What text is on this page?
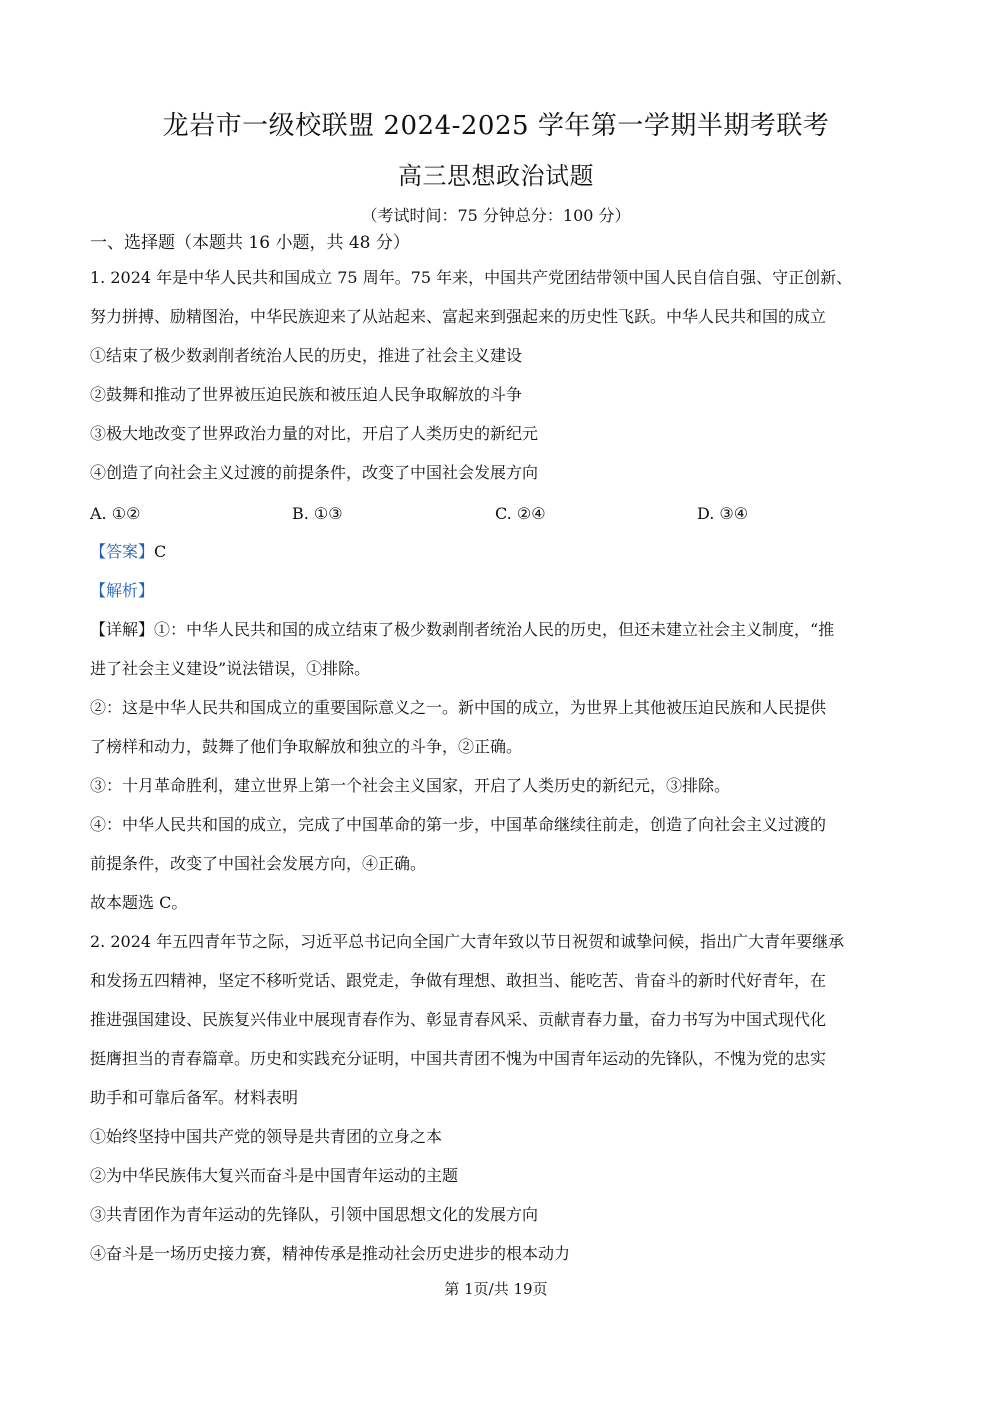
龙岩市一级校联盟 2024-2025 学年第一学期半期考联考
高三思想政治试题
（考试时间：75 分钟总分：100 分）
一、选择题（本题共 16 小题，共 48 分）
1. 2024 年是中华人民共和国成立 75 周年。75 年来，中国共产党团结带领中国人民自信自强、守正创新、
努力拼搏、励精图治，中华民族迎来了从站起来、富起来到强起来的历史性飞跃。中华人民共和国的成立
①结束了极少数剥削者统治人民的历史，推进了社会主义建设
②鼓舞和推动了世界被压迫民族和被压迫人民争取解放的斗争
③极大地改变了世界政治力量的对比，开启了人类历史的新纪元
④创造了向社会主义过渡的前提条件，改变了中国社会发展方向
A. ①②	B. ①③	C. ②④	D. ③④
【答案】C
【解析】
【详解】①：中华人民共和国的成立结束了极少数剥削者统治人民的历史，但还未建立社会主义制度，“推
进了社会主义建设”说法错误，①排除。
②：这是中华人民共和国成立的重要国际意义之一。新中国的成立，为世界上其他被压迫民族和人民提供
了榜样和动力，鼓舞了他们争取解放和独立的斗争，②正确。
③：十月革命胜利，建立世界上第一个社会主义国家，开启了人类历史的新纪元，③排除。
④：中华人民共和国的成立，完成了中国革命的第一步，中国革命继续往前走，创造了向社会主义过渡的
前提条件，改变了中国社会发展方向，④正确。
故本题选 C。
2. 2024 年五四青年节之际，习近平总书记向全国广大青年致以节日祝贺和诚挚问候，指出广大青年要继承
和发扬五四精神，坚定不移听党话、跟党走，争做有理想、敢担当、能吃苦、肯奋斗的新时代好青年，在
推进强国建设、民族复兴伟业中展现青春作为、彰显青春风采、贡献青春力量，奋力书写为中国式现代化
挺膺担当的青春篇章。历史和实践充分证明，中国共青团不愧为中国青年运动的先锋队，不愧为党的忠实
助手和可靠后备军。材料表明
①始终坚持中国共产党的领导是共青团的立身之本
②为中华民族伟大复兴而奋斗是中国青年运动的主题
③共青团作为青年运动的先锋队，引领中国思想文化的发展方向
④奋斗是一场历史接力赛，精神传承是推动社会历史进步的根本动力
第 1页/共 19页
